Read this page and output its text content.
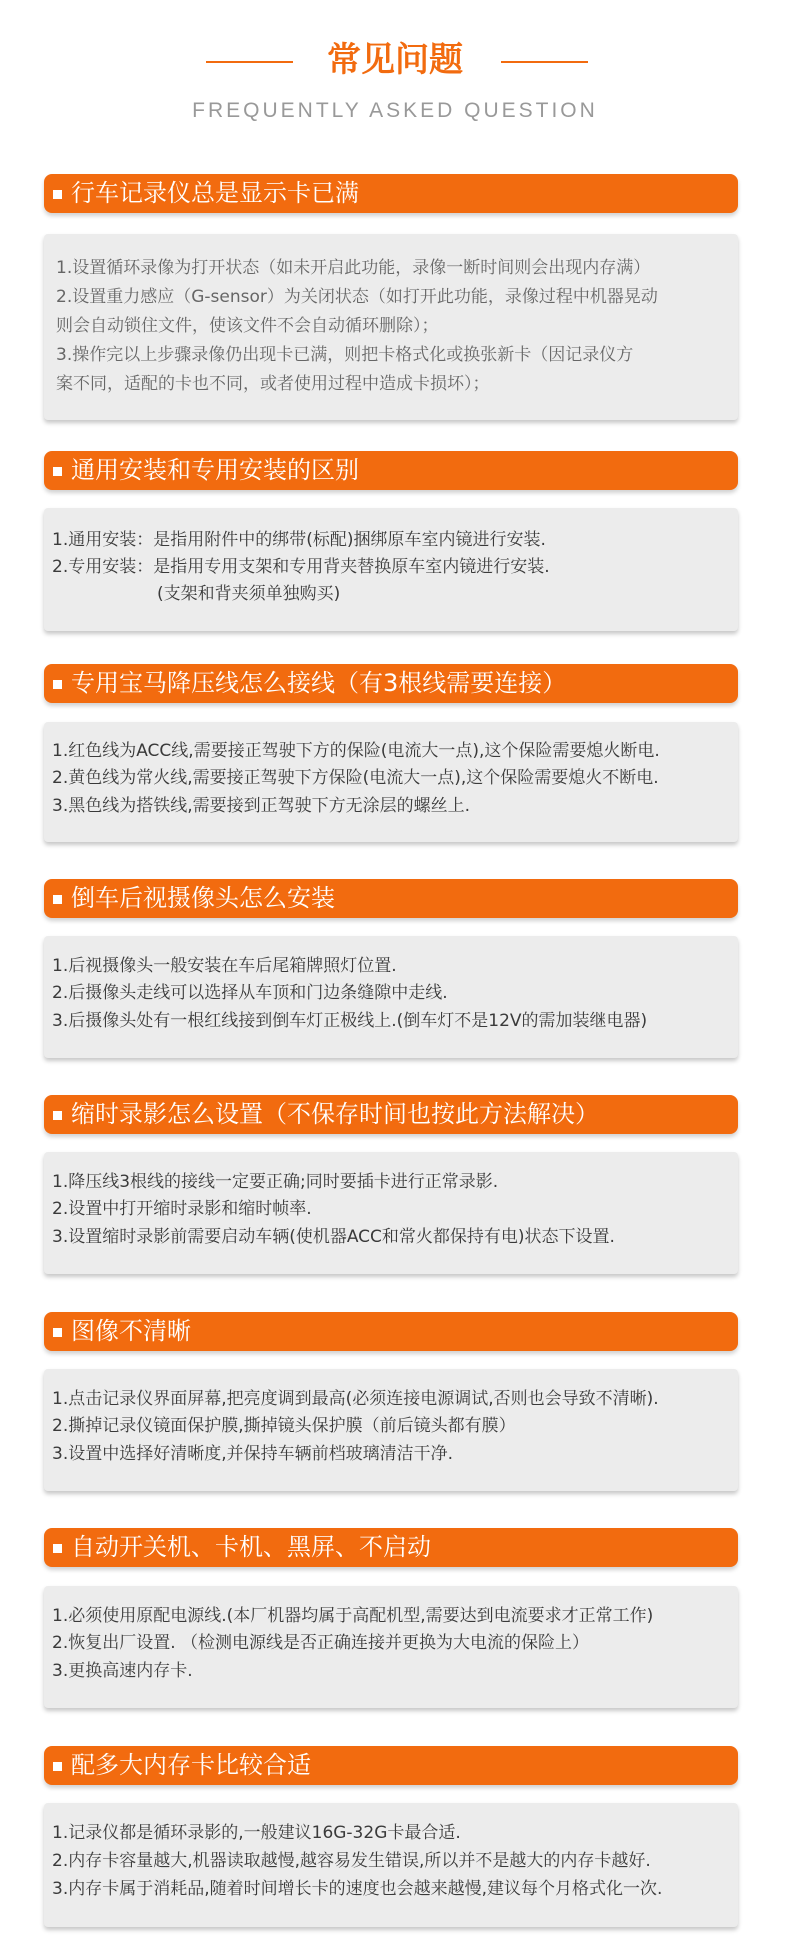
常见问题
FREQUENTLY ASKED QUESTION
行车记录仪总是显示卡已满
1.设置循环录像为打开状态（如未开启此功能，录像一断时间则会出现内存满）
2.设置重力感应（G-sensor）为关闭状态（如打开此功能，录像过程中机器晃动
则会自动锁住文件，使该文件不会自动循环删除）；
3.操作完以上步骤录像仍出现卡已满，则把卡格式化或换张新卡（因记录仪方
案不同，适配的卡也不同，或者使用过程中造成卡损坏）；
通用安装和专用安装的区别
1.通用安装：是指用附件中的绑带(标配)捆绑原车室内镜进行安装.
2.专用安装：是指用专用支架和专用背夹替换原车室内镜进行安装.
(支架和背夹须单独购买)
专用宝马降压线怎么接线（有3根线需要连接）
1.红色线为ACC线,需要接正驾驶下方的保险(电流大一点),这个保险需要熄火断电.
2.黄色线为常火线,需要接正驾驶下方保险(电流大一点),这个保险需要熄火不断电.
3.黑色线为搭铁线,需要接到正驾驶下方无涂层的螺丝上.
倒车后视摄像头怎么安装
1.后视摄像头一般安装在车后尾箱牌照灯位置.
2.后摄像头走线可以选择从车顶和门边条缝隙中走线.
3.后摄像头处有一根红线接到倒车灯正极线上.(倒车灯不是12V的需加装继电器)
缩时录影怎么设置（不保存时间也按此方法解决）
1.降压线3根线的接线一定要正确;同时要插卡进行正常录影.
2.设置中打开缩时录影和缩时帧率.
3.设置缩时录影前需要启动车辆(使机器ACC和常火都保持有电)状态下设置.
图像不清晰
1.点击记录仪界面屏幕,把亮度调到最高(必须连接电源调试,否则也会导致不清晰).
2.撕掉记录仪镜面保护膜,撕掉镜头保护膜（前后镜头都有膜）
3.设置中选择好清晰度,并保持车辆前档玻璃清洁干净.
自动开关机、卡机、黑屏、不启动
1.必须使用原配电源线.(本厂机器均属于高配机型,需要达到电流要求才正常工作)
2.恢复出厂设置. （检测电源线是否正确连接并更换为大电流的保险上）
3.更换高速内存卡.
配多大内存卡比较合适
1.记录仪都是循环录影的,一般建议16G-32G卡最合适.
2.内存卡容量越大,机器读取越慢,越容易发生错误,所以并不是越大的内存卡越好.
3.内存卡属于消耗品,随着时间增长卡的速度也会越来越慢,建议每个月格式化一次.
